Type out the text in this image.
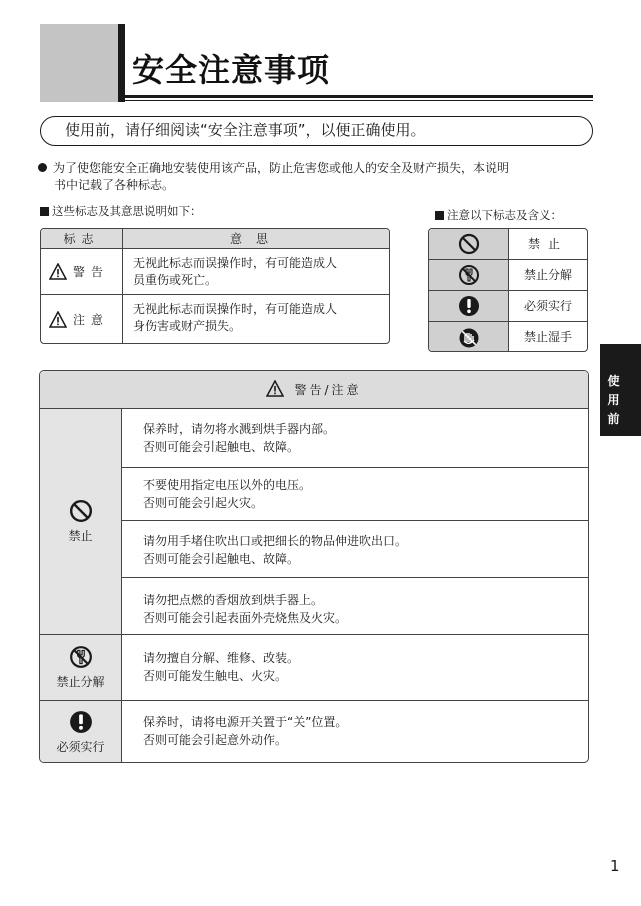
安全注意事项
使用前，请仔细阅读“安全注意事项”，以便正确使用。
为了使您能安全正确地安装使用该产品，防止危害您或他人的安全及财产损失，本说明
书中记载了各种标志。
这些标志及其意思说明如下：	注意以下标志及含义：
标志	意思
警告
无视此标志而误操作时，有可能造成人
员重伤或死亡。
注意
无视此标志而误操作时，有可能造成人
身伤害或财产损失。
禁止
禁止分解
必须实行
禁止湿手
使
用
前
警告/注意
禁止
禁止分解
必须实行

保养时，请勿将水溅到烘手器内部。

否则可能会引起触电、故障。

不要使用指定电压以外的电压。

否则可能会引起火灾。

请勿用手堵住吹出口或把细长的物品伸进吹出口。

否则可能会引起触电、故障。

请勿把点燃的香烟放到烘手器上。

否则可能会引起表面外壳烧焦及火灾。

请勿擅自分解、维修、改装。

否则可能发生触电、火灾。

保养时，请将电源开关置于“关”位置。

否则可能会引起意外动作。

1
